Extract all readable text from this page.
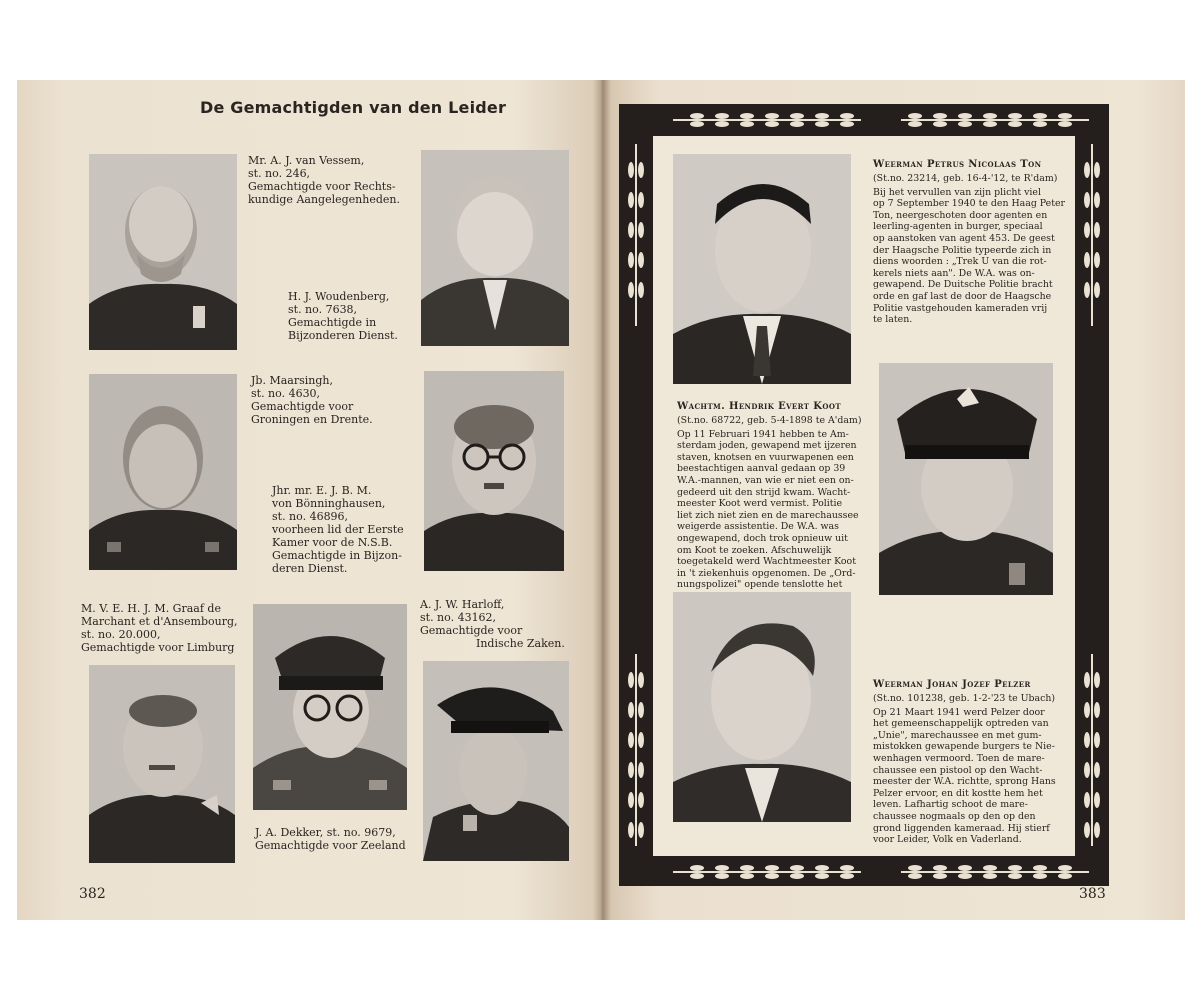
De Gemachtigden van den Leider
Mr. A. J. van Vessem,
st. no. 246,
Gemachtigde voor Rechts-
kundige Aangelegenheden.
H. J. Woudenberg,
st. no. 7638,
Gemachtigde in
Bijzonderen Dienst.
Jb. Maarsingh,
st. no. 4630,
Gemachtigde voor
Groningen en Drente.
Jhr. mr. E. J. B. M.
von Bönninghausen,
st. no. 46896,
voorheen lid der Eerste
Kamer voor de N.S.B.
Gemachtigde in Bijzon-
deren Dienst.
M. V. E. H. J. M. Graaf de
Marchant et d'Ansembourg,
st. no. 20.000,
Gemachtigde voor Limburg
J. A. Dekker, st. no. 9679,
Gemachtigde voor Zeeland
A. J. W. Harloff,
st. no. 43162,
Gemachtigde voor
Indische Zaken.
382
Weerman Petrus Nicolaas Ton
(St.no. 23214, geb. 16-4-'12, te R'dam)
Bij het vervullen van zijn plicht viel
op 7 September 1940 te den Haag Peter
Ton, neergeschoten door agenten en
leerling-agenten in burger, speciaal
op aanstoken van agent 453. De geest
der Haagsche Politie typeerde zich in
diens woorden : „Trek U van die rot-
kerels niets aan". De W.A. was on-
gewapend. De Duitsche Politie bracht
orde en gaf last de door de Haagsche
Politie vastgehouden kameraden vrij
te laten.
Wachtm. Hendrik Evert Koot
(St.no. 68722, geb. 5-4-1898 te A'dam)
Op 11 Februari 1941 hebben te Am-
sterdam joden, gewapend met ijzeren
staven, knotsen en vuurwapenen een
beestachtigen aanval gedaan op 39
W.A.-mannen, van wie er niet een on-
gedeerd uit den strijd kwam. Wacht-
meester Koot werd vermist. Politie
liet zich niet zien en de marechaussee
weigerde assistentie. De W.A. was
ongewapend, doch trok opnieuw uit
om Koot te zoeken. Afschuwelijk
toegetakeld werd Wachtmeester Koot
in 't ziekenhuis opgenomen. De „Ord-
nungspolizei" opende tenslotte het
Weerman Johan Jozef Pelzer
(St.no. 101238, geb. 1-2-'23 te Ubach)
Op 21 Maart 1941 werd Pelzer door
het gemeenschappelijk optreden van
„Unie", marechaussee en met gum-
mistokken gewapende burgers te Nie-
wenhagen vermoord. Toen de mare-
chaussee een pistool op den Wacht-
meester der W.A. richtte, sprong Hans
Pelzer ervoor, en dit kostte hem het
leven. Lafhartig schoot de mare-
chaussee nogmaals op den op den
grond liggenden kameraad. Hij stierf
voor Leider, Volk en Vaderland.
383
